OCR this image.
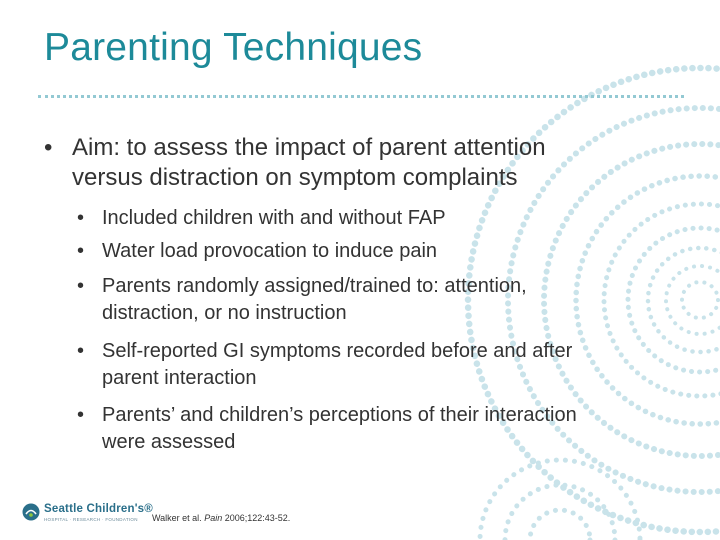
Parenting Techniques
• Aim: to assess the impact of parent attention
versus distraction on symptom complaints
• Included children with and without FAP
• Water load provocation to induce pain
• Parents randomly assigned/trained to: attention,
distraction, or no instruction
• Self-reported GI symptoms recorded before and after
parent interaction
• Parents’ and children’s perceptions of their interaction
were assessed
Seattle Children's®
HOSPITAL · RESEARCH · FOUNDATION Walker et al. Pain 2006;122:43-52.
